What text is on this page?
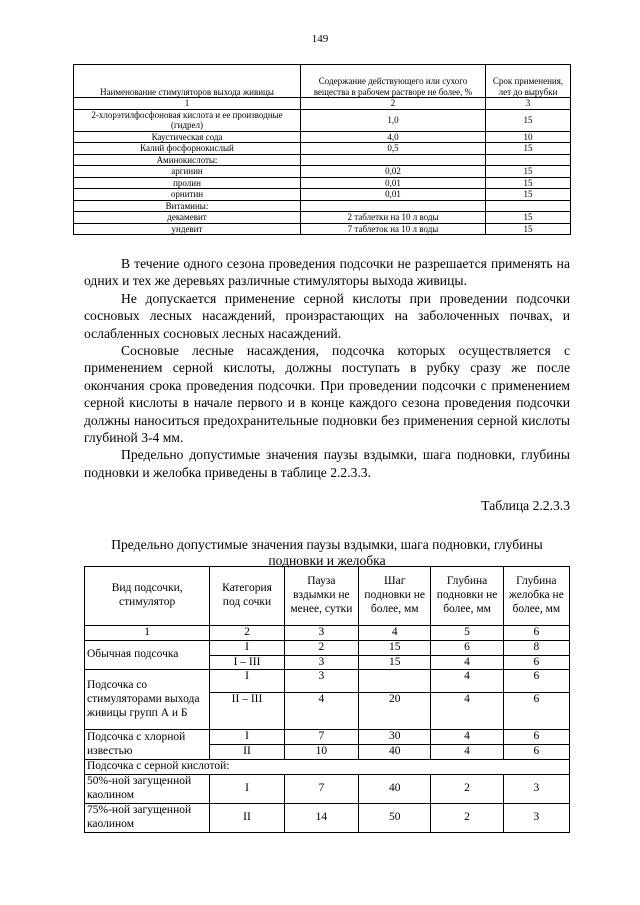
149
Наименование стимуляторов выхода живицы	Содержание действующего или сухого вещества в рабочем растворе не более, %	Срок применения, лет до вырубки
1	2	3
2-хлорэтилфосфоновая кислота и ее производные (гидрел)	1,0	15
Каустическая сода	4,0	10
Калий фосфорнокислый	0,5	15
Аминокислоты:		
аргинин	0,02	15
пролин	0,01	15
орнитин	0,01	15
Витамины:		
декамевит	2 таблетки на 10 л воды	15
ундевит	7 таблеток на 10 л воды	15

В течение одного сезона проведения подсочки не разрешается применять на одних и тех же деревьях различные стимуляторы выхода живицы.

Не допускается применение серной кислоты при проведении подсочки сосновых лесных насаждений, произрастающих на заболоченных почвах, и ослабленных сосновых лесных насаждений.

Сосновые лесные насаждения, подсочка которых осуществляется с применением серной кислоты, должны поступать в рубку сразу же после окончания срока проведения подсочки. При проведении подсочки с применением серной кислоты в начале первого и в конце каждого сезона проведения подсочки должны наноситься предохранительные подновки без применения серной кислоты глубиной 3-4 мм.

Предельно допустимые значения паузы вздымки, шага подновки, глубины подновки и желобка приведены в таблице 2.2.3.3.

Таблица 2.2.3.3
Предельно допустимые значения паузы вздымки, шага подновки, глубины подновки и желобка
Вид подсочки, стимулятор	Категория под сочки	Пауза вздымки не менее, сутки	Шаг подновки не более, мм	Глубина подновки не более, мм	Глубина желобка не более, мм
1	2	3	4	5	6
Обычная подсочка	I	2	15	6	8
	I – III	3	15	4	6
Подсочка со стимуляторами выхода живицы групп А и Б	I	3		4	6
	II – III	4	20	4	6
Подсочка с хлорной известью	I	7	30	4	6
	II	10	40	4	6
Подсочка с серной кислотой:					
50%-ной загущенной каолином	I	7	40	2	3
75%-ной загущенной каолином	II	14	50	2	3
